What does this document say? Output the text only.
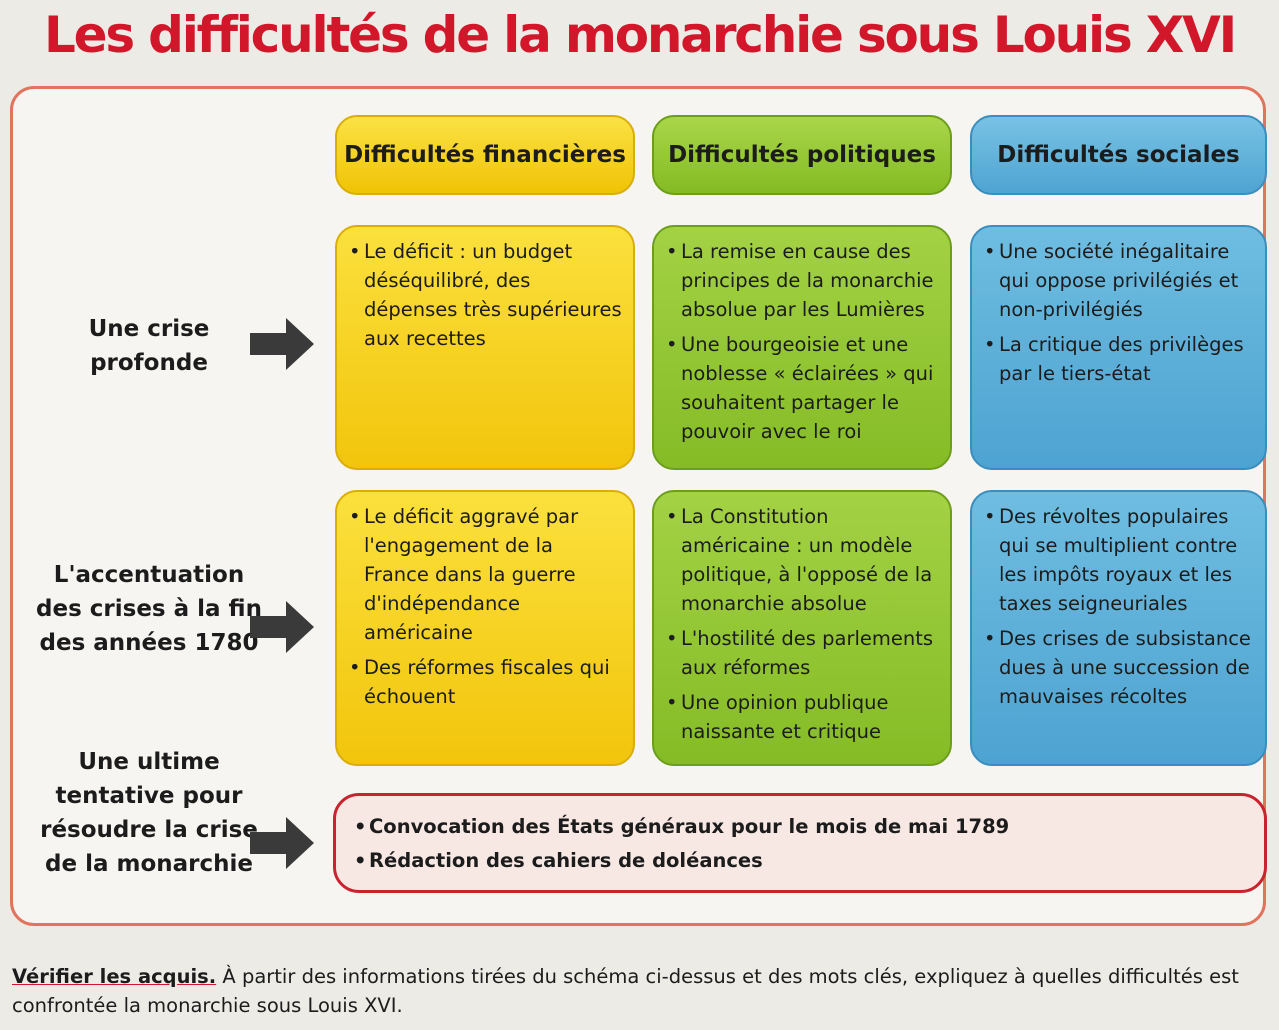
Les difficultés de la monarchie sous Louis XVI
Difficultés financières	Difficultés politiques	Difficultés sociales
Une crise profonde
• Le déficit : un budget déséquilibré, des dépenses très supérieures aux recettes
• La remise en cause des principes de la monarchie absolue par les Lumières
• Une bourgeoisie et une noblesse « éclairées » qui souhaitent partager le pouvoir avec le roi
• Une société inégalitaire qui oppose privilégiés et non-privilégiés
• La critique des privilèges par le tiers-état
L'accentuation des crises à la fin des années 1780
• Le déficit aggravé par l'engagement de la France dans la guerre d'indépendance américaine
• Des réformes fiscales qui échouent
• La Constitution américaine : un modèle politique, à l'opposé de la monarchie absolue
• L'hostilité des parlements aux réformes
• Une opinion publique naissante et critique
• Des révoltes populaires qui se multiplient contre les impôts royaux et les taxes seigneuriales
• Des crises de subsistance dues à une succession de mauvaises récoltes
Une ultime tentative pour résoudre la crise de la monarchie
• Convocation des États généraux pour le mois de mai 1789
• Rédaction des cahiers de doléances
Vérifier les acquis. À partir des informations tirées du schéma ci-dessus et des mots clés, expliquez à quelles difficultés est confrontée la monarchie sous Louis XVI.
